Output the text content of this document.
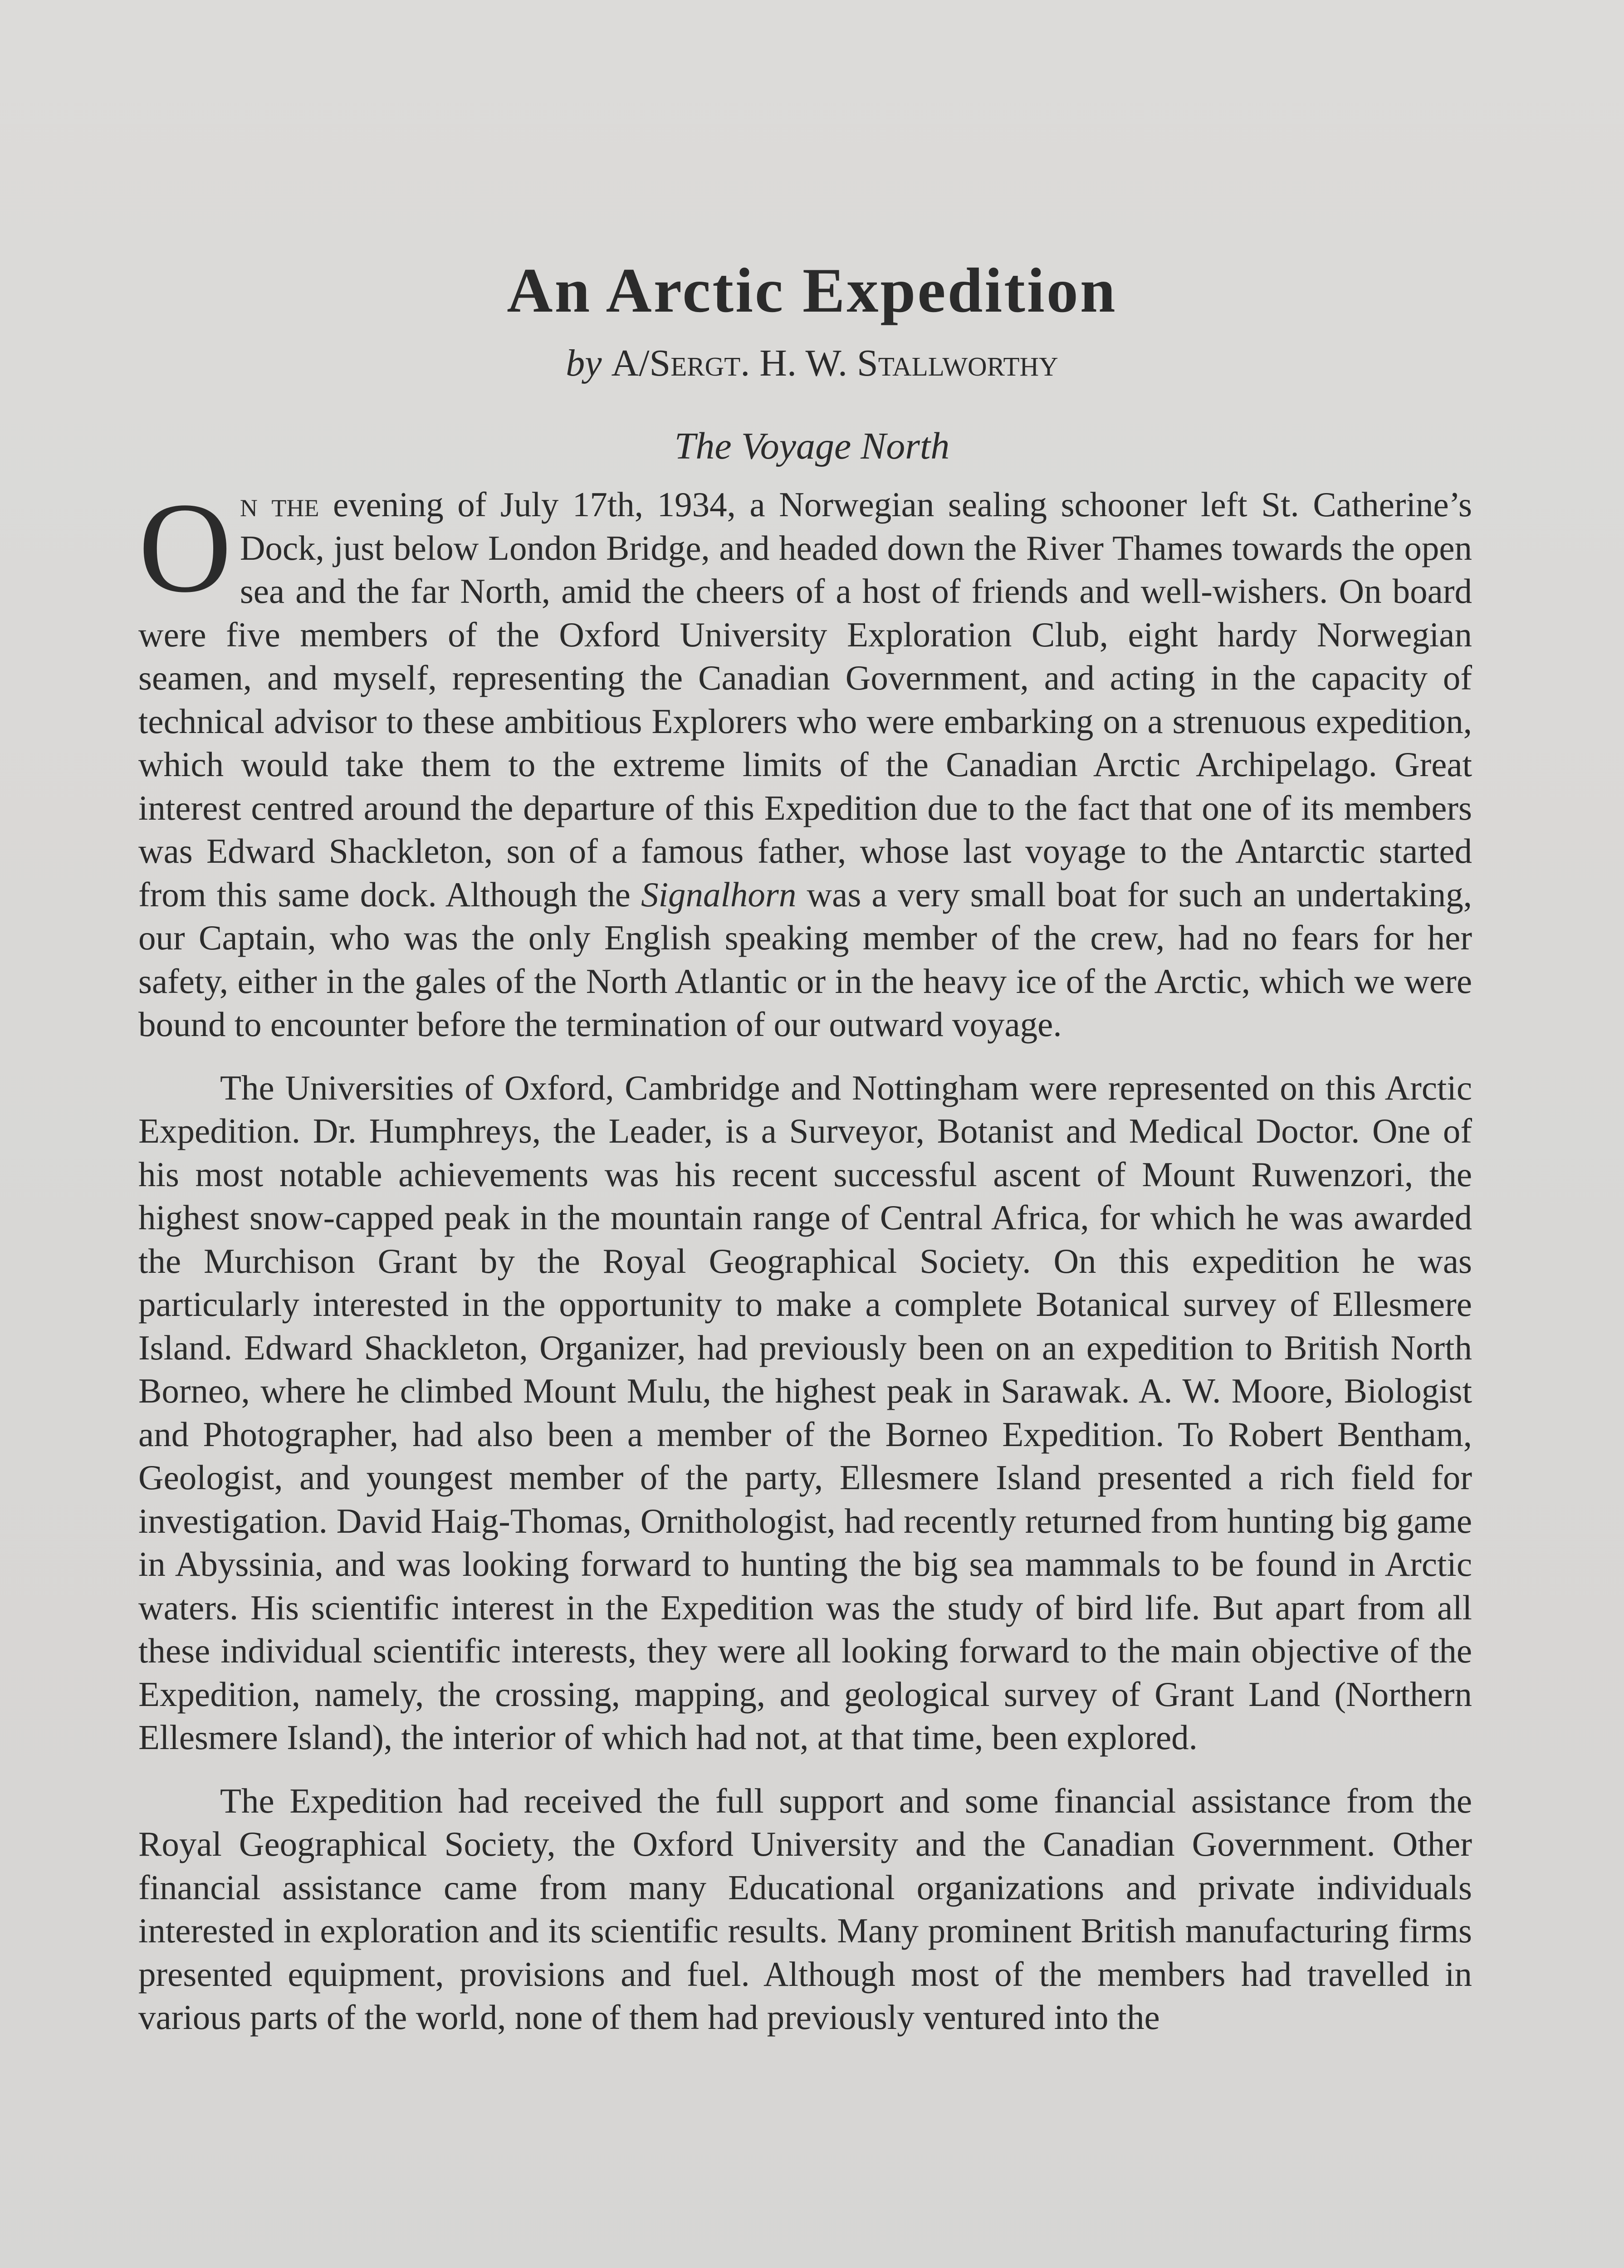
An Arctic Expedition

by A/Sergt. H. W. Stallworthy

The Voyage North

On the evening of July 17th, 1934, a Norwegian sealing schooner left St. Catherine’s Dock, just below London Bridge, and headed down the River Thames towards the open sea and the far North, amid the cheers of a host of friends and well-wishers. On board were five members of the Oxford University Exploration Club, eight hardy Norwegian seamen, and myself, representing the Canadian Government, and acting in the capacity of technical advisor to these ambitious Explorers who were embarking on a strenuous expedition, which would take them to the extreme limits of the Canadian Arctic Archipelago. Great interest centred around the departure of this Expedition due to the fact that one of its members was Edward Shackleton, son of a famous father, whose last voyage to the Antarctic started from this same dock. Although the Signalhorn was a very small boat for such an undertaking, our Captain, who was the only English speaking member of the crew, had no fears for her safety, either in the gales of the North Atlantic or in the heavy ice of the Arctic, which we were bound to encounter before the termination of our outward voyage.

The Universities of Oxford, Cambridge and Nottingham were represented on this Arctic Expedition. Dr. Humphreys, the Leader, is a Surveyor, Botanist and Medical Doctor. One of his most notable achievements was his recent successful ascent of Mount Ruwenzori, the highest snow-capped peak in the mountain range of Central Africa, for which he was awarded the Murchison Grant by the Royal Geographical Society. On this expedition he was particularly interested in the opportunity to make a complete Botanical survey of Ellesmere Island. Edward Shackleton, Organizer, had previously been on an expedition to British North Borneo, where he climbed Mount Mulu, the highest peak in Sarawak. A. W. Moore, Biologist and Photographer, had also been a member of the Borneo Expedition. To Robert Bentham, Geologist, and youngest member of the party, Ellesmere Island presented a rich field for investigation. David Haig-Thomas, Ornithologist, had recently returned from hunting big game in Abyssinia, and was looking forward to hunting the big sea mammals to be found in Arctic waters. His scientific interest in the Expedition was the study of bird life. But apart from all these individual scientific interests, they were all looking forward to the main objective of the Expedition, namely, the crossing, mapping, and geological survey of Grant Land (Northern Ellesmere Island), the interior of which had not, at that time, been explored.

The Expedition had received the full support and some financial assistance from the Royal Geographical Society, the Oxford University and the Canadian Government. Other financial assistance came from many Educational organizations and private individuals interested in exploration and its scientific results. Many prominent British manufacturing firms presented equipment, provisions and fuel. Although most of the members had travelled in various parts of the world, none of them had previously ventured into the
